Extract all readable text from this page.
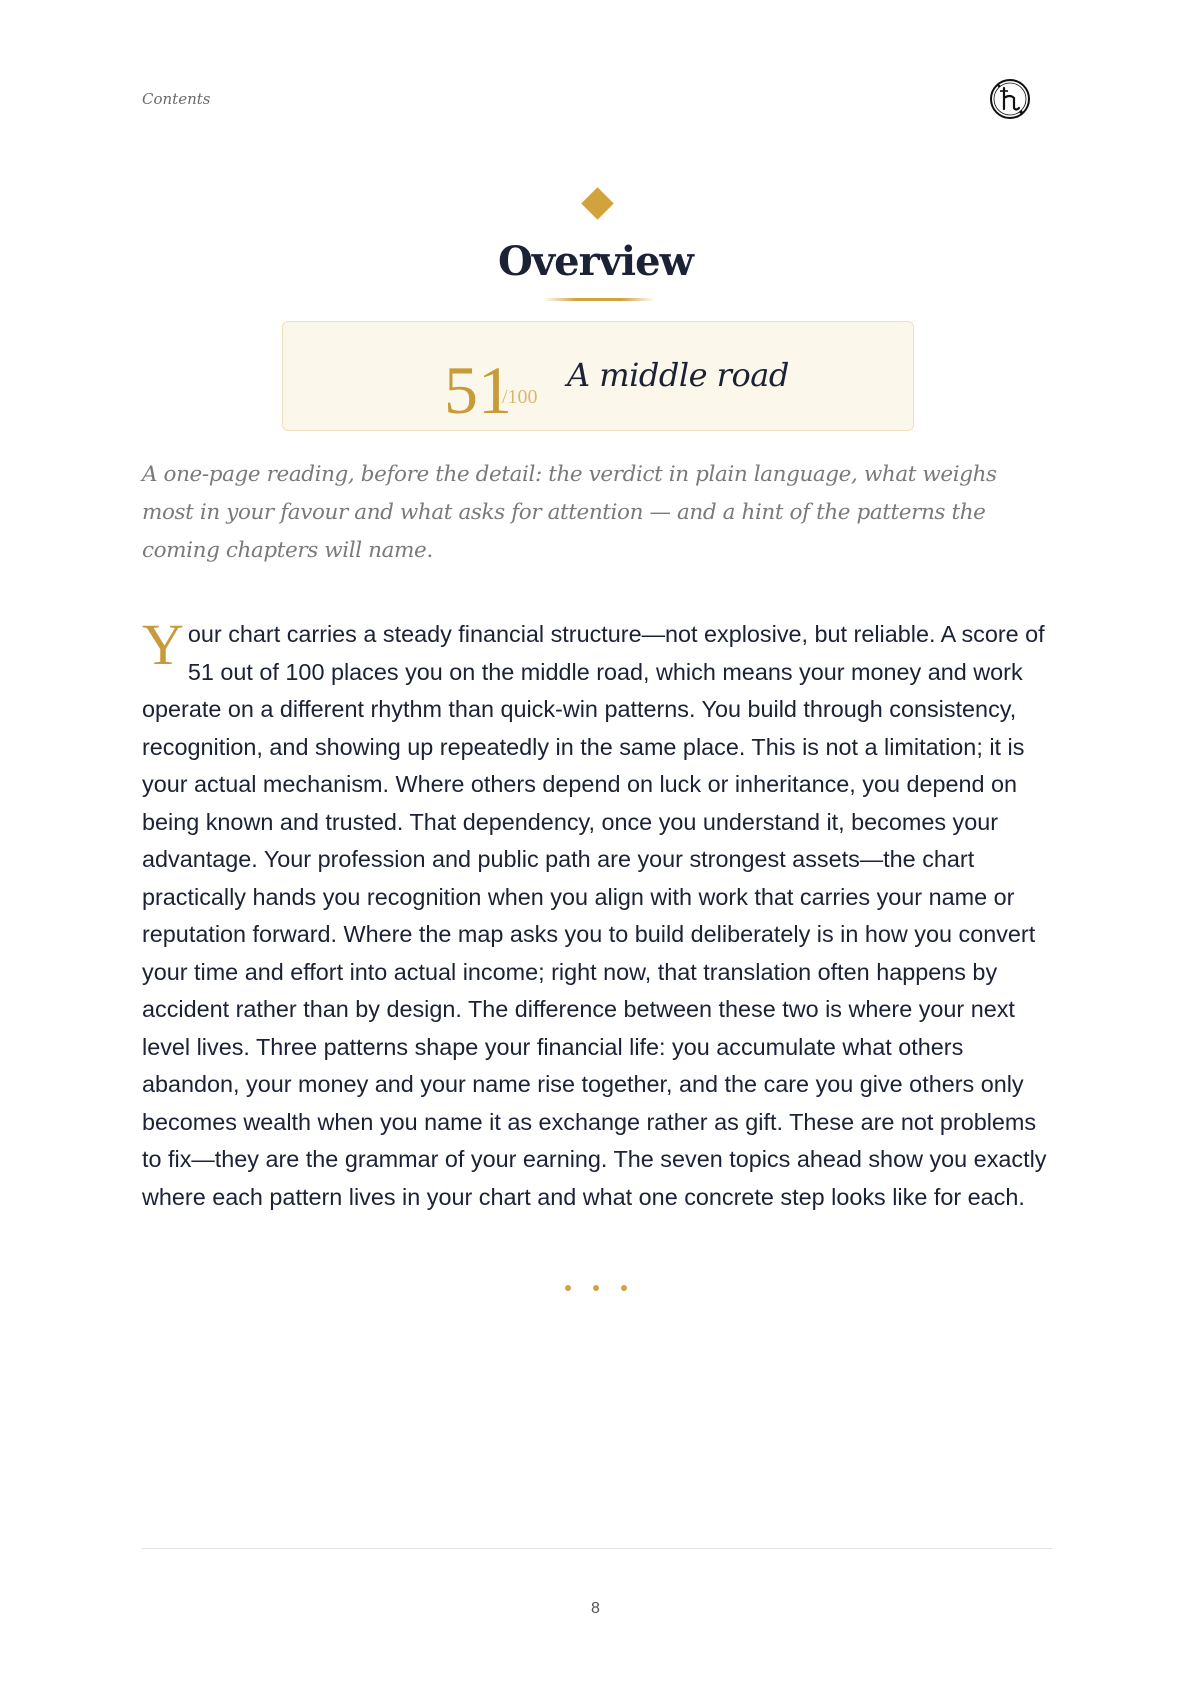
Contents
Overview
51
/100
A middle road
A one-page reading, before the detail: the verdict in plain language, what weighs most in your favour and what asks for attention — and a hint of the patterns the coming chapters will name.
Your chart carries a steady financial structure—not explosive, but reliable. A score of 51 out of 100 places you on the middle road, which means your money and work operate on a different rhythm than quick-win patterns. You build through consistency, recognition, and showing up repeatedly in the same place. This is not a limitation; it is your actual mechanism. Where others depend on luck or inheritance, you depend on being known and trusted. That dependency, once you understand it, becomes your advantage. Your profession and public path are your strongest assets—the chart practically hands you recognition when you align with work that carries your name or reputation forward. Where the map asks you to build deliberately is in how you convert your time and effort into actual income; right now, that translation often happens by accident rather than by design. The difference between these two is where your next level lives. Three patterns shape your financial life: you accumulate what others abandon, your money and your name rise together, and the care you give others only becomes wealth when you name it as exchange rather as gift. These are not problems to fix—they are the grammar of your earning. The seven topics ahead show you exactly where each pattern lives in your chart and what one concrete step looks like for each.
8
